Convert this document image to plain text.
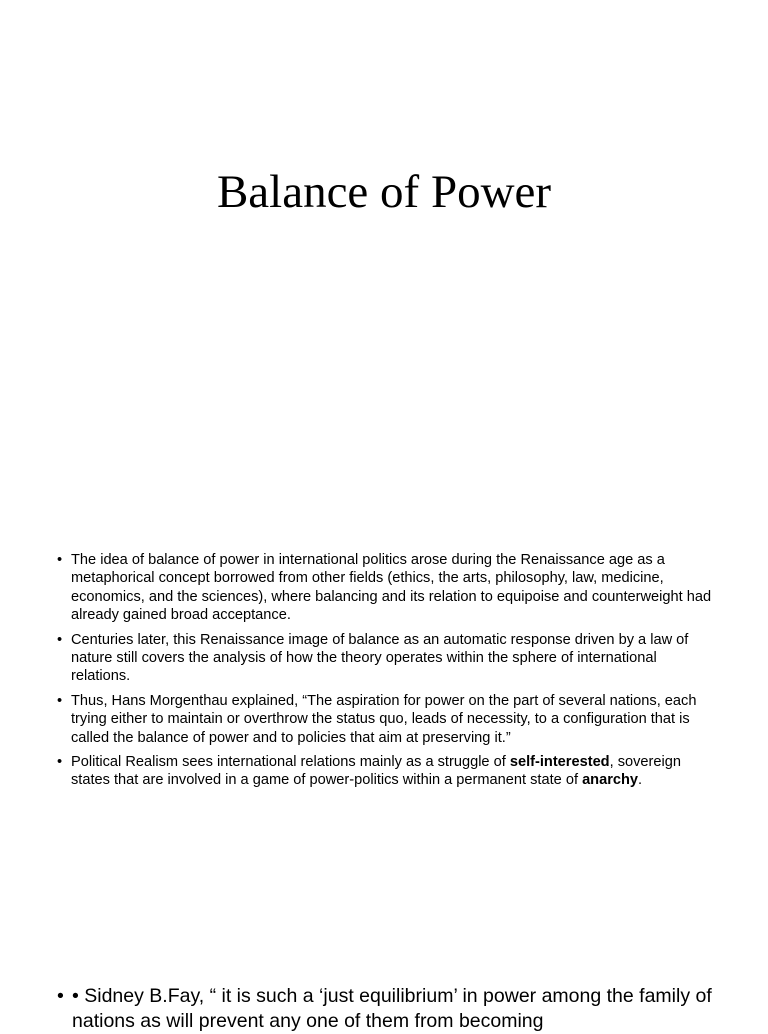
Balance of Power
• The idea of balance of power in international politics arose during the Renaissance age as a metaphorical concept borrowed from other fields (ethics, the arts, philosophy, law, medicine, economics, and the sciences), where balancing and its relation to equipoise and counterweight had already gained broad acceptance.
• Centuries later, this Renaissance image of balance as an automatic response driven by a law of nature still covers the analysis of how the theory operates within the sphere of international relations.
• Thus, Hans Morgenthau explained, “The aspiration for power on the part of several nations, each trying either to maintain or overthrow the status quo, leads of necessity, to a configuration that is called the balance of power and to policies that aim at preserving it.”
• Political Realism sees international relations mainly as a struggle of self-interested, sovereign states that are involved in a game of power-politics within a permanent state of anarchy.
• • Sidney B.Fay, “ it is such a ‘just equilibrium’ in power among the family of nations as will prevent any one of them from becoming
